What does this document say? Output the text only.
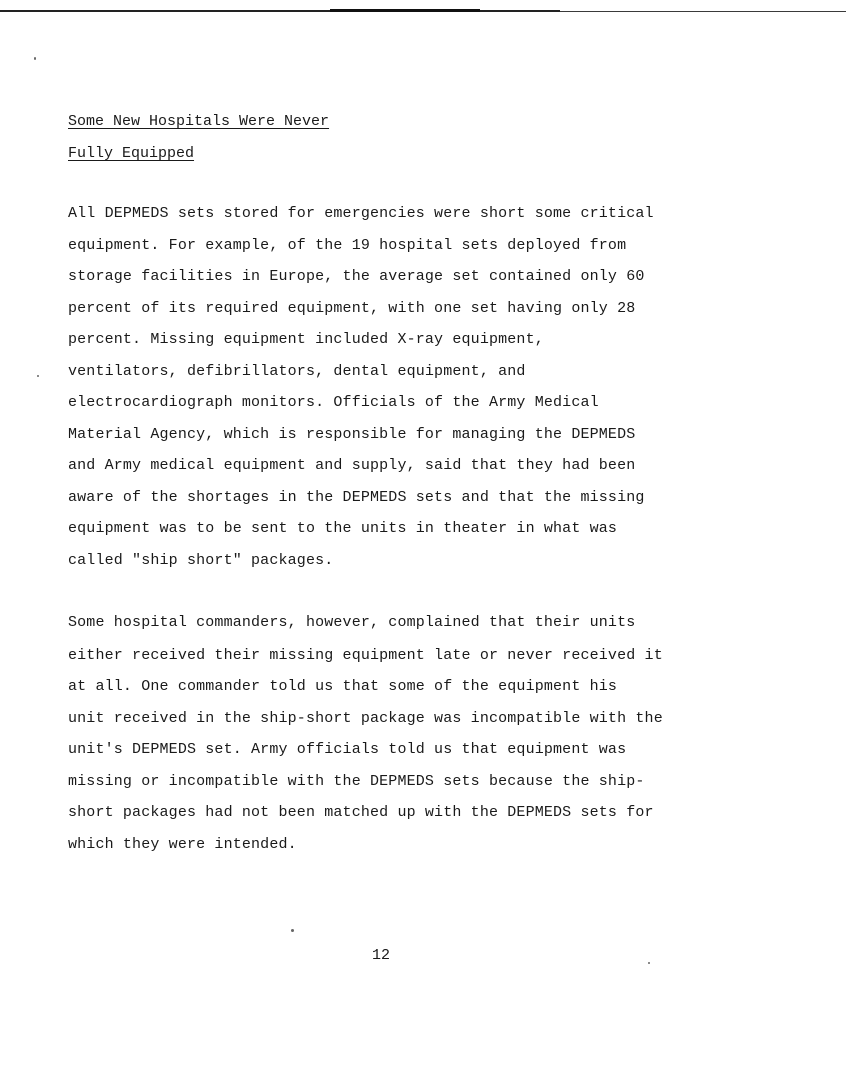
Some New Hospitals Were Never
Fully Equipped
All DEPMEDS sets stored for emergencies were short some critical
equipment. For example, of the 19 hospital sets deployed from
storage facilities in Europe, the average set contained only 60
percent of its required equipment, with one set having only 28
percent. Missing equipment included X-ray equipment,
ventilators, defibrillators, dental equipment, and
electrocardiograph monitors. Officials of the Army Medical
Material Agency, which is responsible for managing the DEPMEDS
and Army medical equipment and supply, said that they had been
aware of the shortages in the DEPMEDS sets and that the missing
equipment was to be sent to the units in theater in what was
called "ship short" packages.
Some hospital commanders, however, complained that their units
either received their missing equipment late or never received it
at all. One commander told us that some of the equipment his
unit received in the ship-short package was incompatible with the
unit's DEPMEDS set. Army officials told us that equipment was
missing or incompatible with the DEPMEDS sets because the ship-
short packages had not been matched up with the DEPMEDS sets for
which they were intended.
12
